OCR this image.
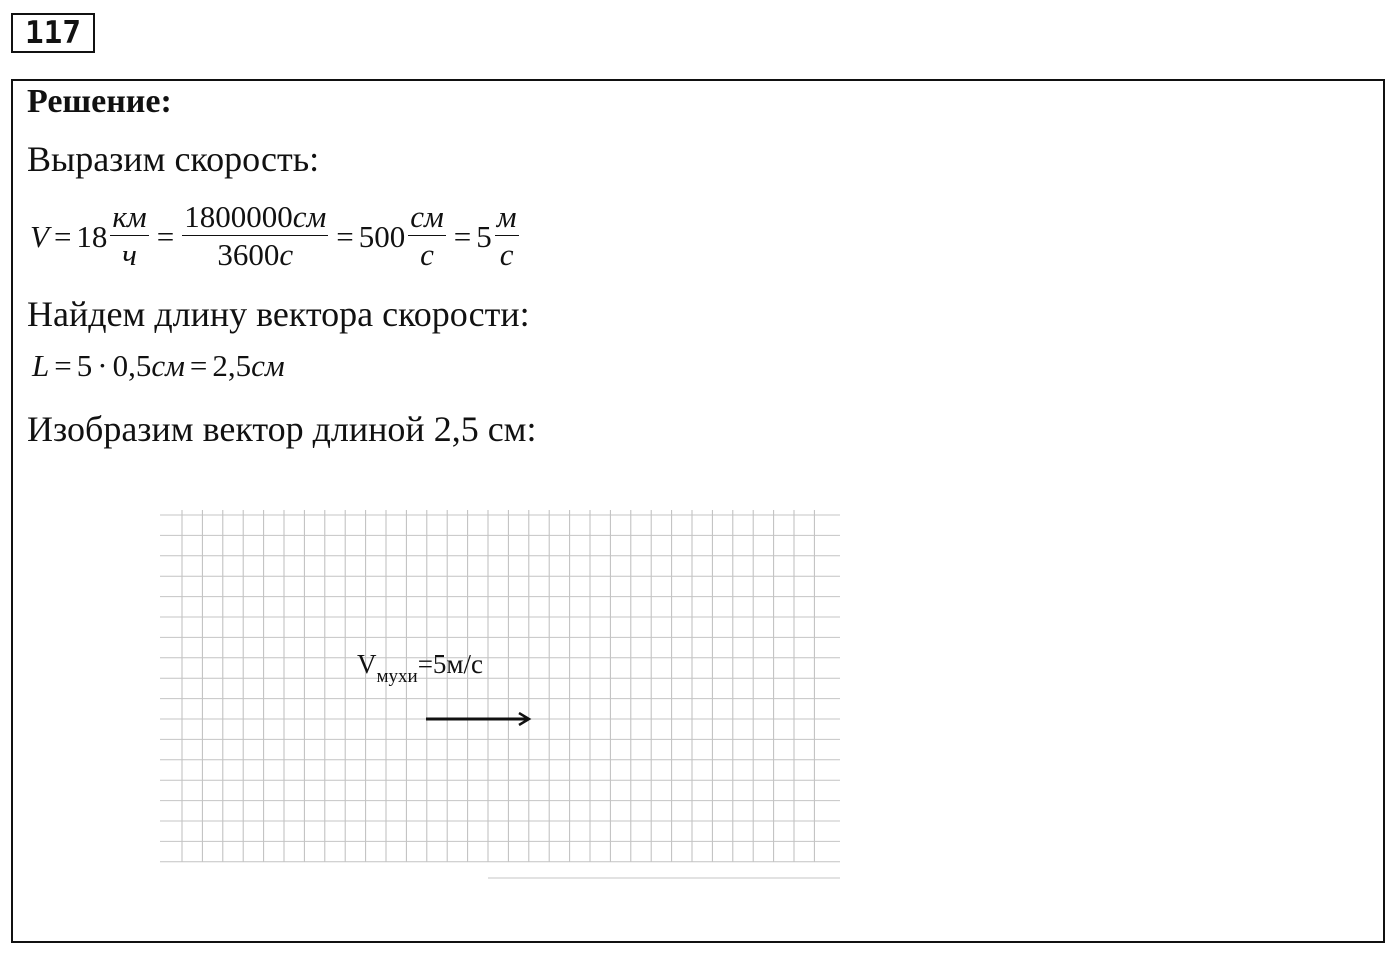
117
Решение:
Выразим скорость:
$V = 18 \frac{км}{ч} = \frac{1800000см}{3600с} = 500 \frac{см}{с} = 5 \frac{м}{с}$
Найдем длину вектора скорости:
L = 5 · 0,5 см = 2,5 см
Изобразим вектор длиной 2,5 см:
$V_{мухи}=5м/с$
